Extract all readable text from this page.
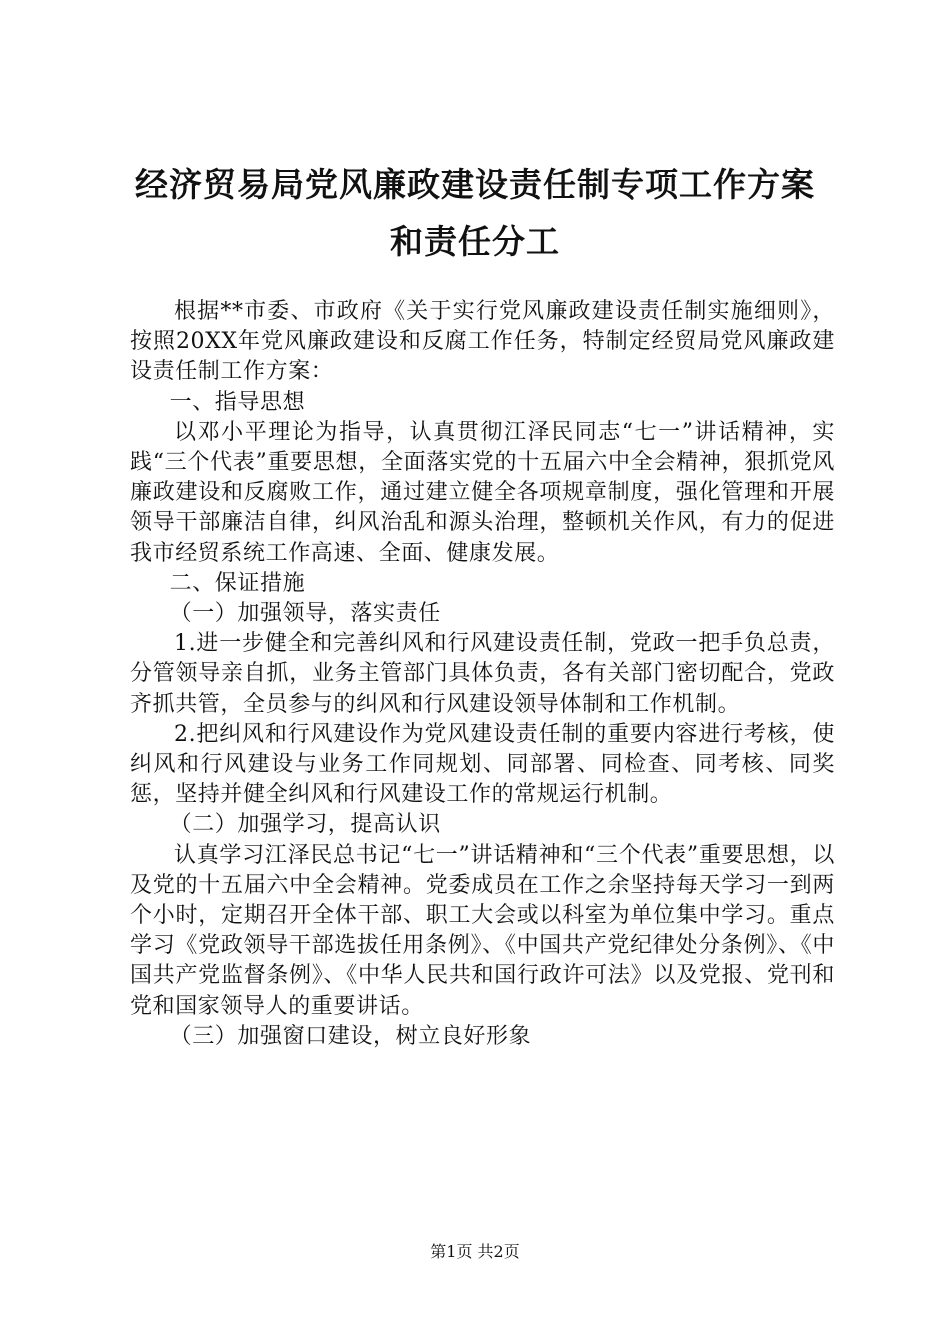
经济贸易局党风廉政建设责任制专项工作方案
和责任分工

根据**市委、市政府《关于实行党风廉政建设责任制实施细则》，按照20XX年党风廉政建设和反腐工作任务，特制定经贸局党风廉政建设责任制工作方案：

一、指导思想

以邓小平理论为指导，认真贯彻江泽民同志“七一”讲话精神，实践“三个代表”重要思想，全面落实党的十五届六中全会精神，狠抓党风廉政建设和反腐败工作，通过建立健全各项规章制度，强化管理和开展领导干部廉洁自律，纠风治乱和源头治理，整顿机关作风，有力的促进我市经贸系统工作高速、全面、健康发展。

二、保证措施

（一）加强领导，落实责任

1.进一步健全和完善纠风和行风建设责任制，党政一把手负总责，分管领导亲自抓，业务主管部门具体负责，各有关部门密切配合，党政齐抓共管，全员参与的纠风和行风建设领导体制和工作机制。

2.把纠风和行风建设作为党风建设责任制的重要内容进行考核，使纠风和行风建设与业务工作同规划、同部署、同检查、同考核、同奖惩，坚持并健全纠风和行风建设工作的常规运行机制。

（二）加强学习，提高认识

认真学习江泽民总书记“七一”讲话精神和“三个代表”重要思想，以及党的十五届六中全会精神。党委成员在工作之余坚持每天学习一到两个小时，定期召开全体干部、职工大会或以科室为单位集中学习。重点学习《党政领导干部选拔任用条例》、《中国共产党纪律处分条例》、《中国共产党监督条例》、《中华人民共和国行政许可法》以及党报、党刊和党和国家领导人的重要讲话。

（三）加强窗口建设，树立良好形象

第1页 共2页
